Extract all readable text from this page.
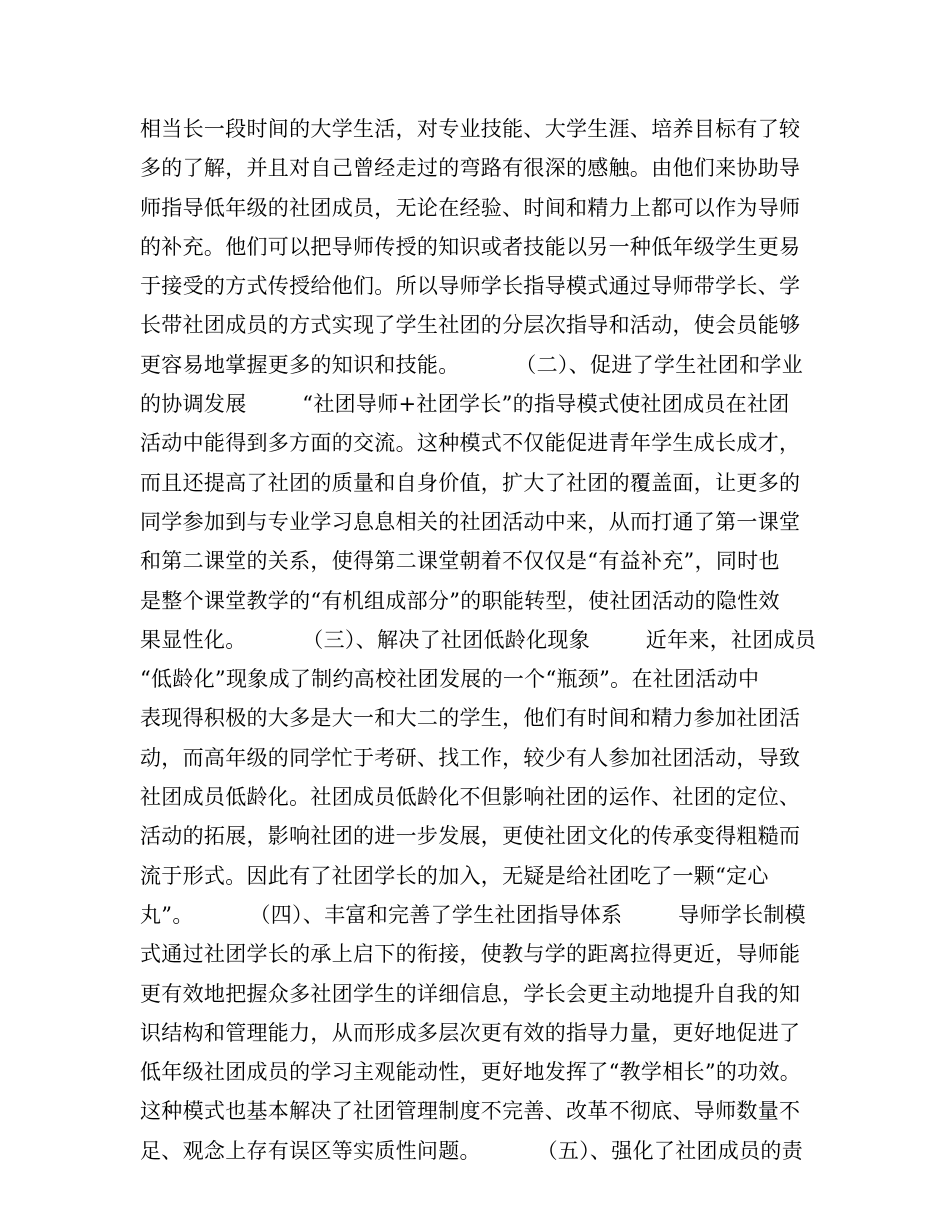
相当长一段时间的大学生活，对专业技能、大学生涯、培养目标有了较
多的了解，并且对自己曾经走过的弯路有很深的感触。由他们来协助导
师指导低年级的社团成员，无论在经验、时间和精力上都可以作为导师
的补充。他们可以把导师传授的知识或者技能以另一种低年级学生更易
于接受的方式传授给他们。所以导师学长指导模式通过导师带学长、学
长带社团成员的方式实现了学生社团的分层次指导和活动，使会员能够
更容易地掌握更多的知识和技能。        （二）、促进了学生社团和学业
的协调发展        “社团导师+社团学长”的指导模式使社团成员在社团
活动中能得到多方面的交流。这种模式不仅能促进青年学生成长成才，
而且还提高了社团的质量和自身价值，扩大了社团的覆盖面，让更多的
同学参加到与专业学习息息相关的社团活动中来，从而打通了第一课堂
和第二课堂的关系，使得第二课堂朝着不仅仅是“有益补充”，同时也
是整个课堂教学的“有机组成部分”的职能转型，使社团活动的隐性效
果显性化。        （三）、解决了社团低龄化现象        近年来，社团成员
“低龄化”现象成了制约高校社团发展的一个“瓶颈”。在社团活动中
表现得积极的大多是大一和大二的学生，他们有时间和精力参加社团活
动，而高年级的同学忙于考研、找工作，较少有人参加社团活动，导致
社团成员低龄化。社团成员低龄化不但影响社团的运作、社团的定位、
活动的拓展，影响社团的进一步发展，更使社团文化的传承变得粗糙而
流于形式。因此有了社团学长的加入，无疑是给社团吃了一颗“定心
丸”。        （四）、丰富和完善了学生社团指导体系        导师学长制模
式通过社团学长的承上启下的衔接，使教与学的距离拉得更近，导师能
更有效地把握众多社团学生的详细信息，学长会更主动地提升自我的知
识结构和管理能力，从而形成多层次更有效的指导力量，更好地促进了
低年级社团成员的学习主观能动性，更好地发挥了“教学相长”的功效。
这种模式也基本解决了社团管理制度不完善、改革不彻底、导师数量不
足、观念上存有误区等实质性问题。        （五）、强化了社团成员的责
